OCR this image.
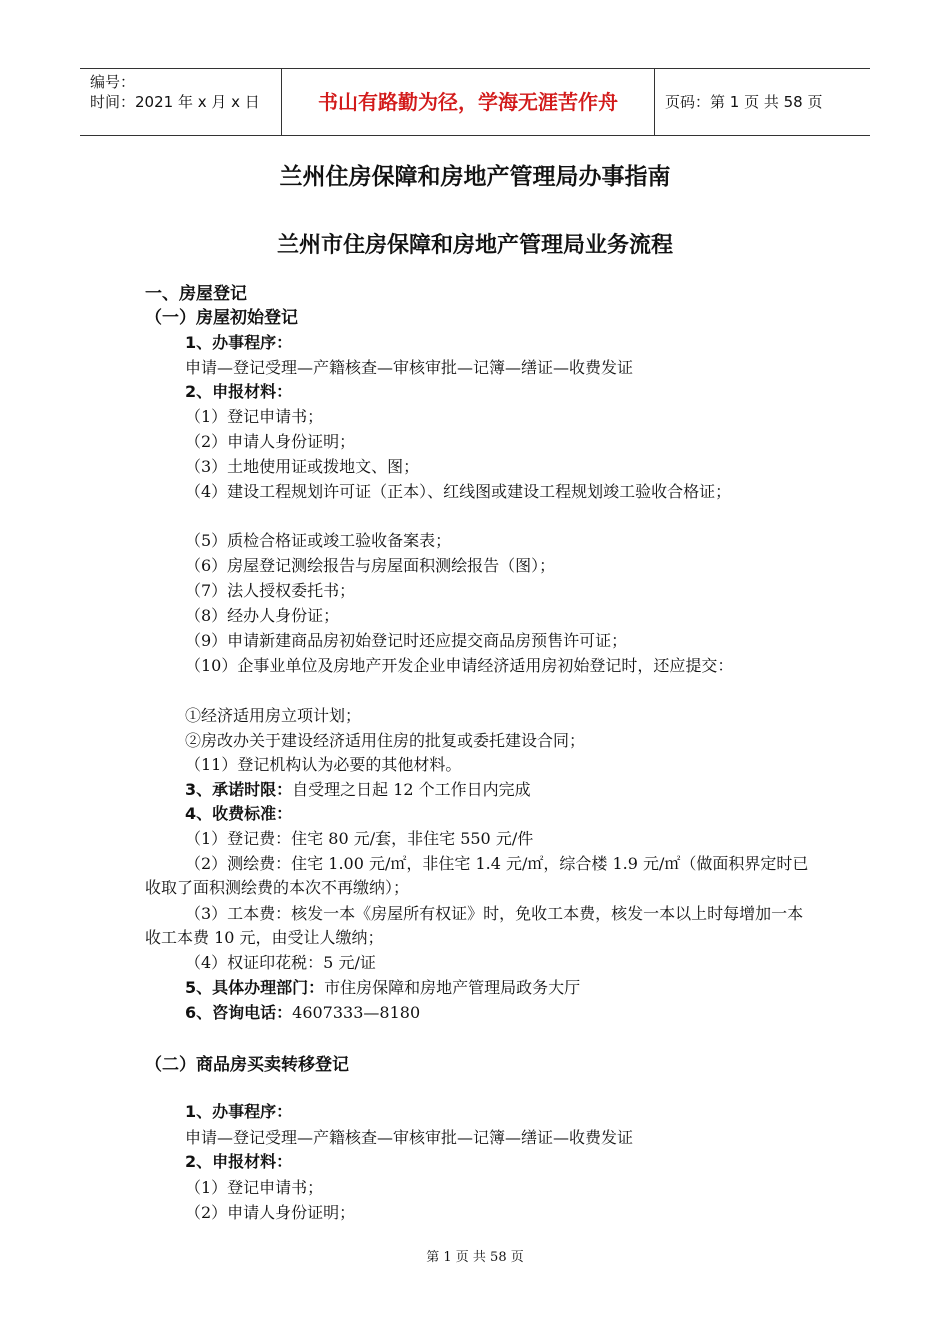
编号：
时间：2021 年 x 月 x 日	书山有路勤为径，学海无涯苦作舟	页码：第 1 页 共 58 页
兰州住房保障和房地产管理局办事指南
兰州市住房保障和房地产管理局业务流程
一、房屋登记
（一）房屋初始登记
1、办事程序：
申请—登记受理—产籍核查—审核审批—记簿—缮证—收费发证
2、申报材料：
（1）登记申请书；
（2）申请人身份证明；
（3）土地使用证或拨地文、图；
（4）建设工程规划许可证（正本）、红线图或建设工程规划竣工验收合格证；
（5）质检合格证或竣工验收备案表；
（6）房屋登记测绘报告与房屋面积测绘报告（图）；
（7）法人授权委托书；
（8）经办人身份证；
（9）申请新建商品房初始登记时还应提交商品房预售许可证；
（10）企事业单位及房地产开发企业申请经济适用房初始登记时，还应提交：
①经济适用房立项计划；
②房改办关于建设经济适用住房的批复或委托建设合同；
（11）登记机构认为必要的其他材料。
3、承诺时限：自受理之日起 12 个工作日内完成
4、收费标准：
（1）登记费：住宅 80 元/套，非住宅 550 元/件
（2）测绘费：住宅 1.00 元/㎡，非住宅 1.4 元/㎡，综合楼 1.9 元/㎡（做面积界定时已收取了面积测绘费的本次不再缴纳）；
（3）工本费：核发一本《房屋所有权证》时，免收工本费，核发一本以上时每增加一本收工本费 10 元，由受让人缴纳；
（4）权证印花税：5 元/证
5、具体办理部门：市住房保障和房地产管理局政务大厅
6、咨询电话：4607333—8180
（二）商品房买卖转移登记
1、办事程序：
申请—登记受理—产籍核查—审核审批—记簿—缮证—收费发证
2、申报材料：
（1）登记申请书；
（2）申请人身份证明；
第 1 页 共 58 页
